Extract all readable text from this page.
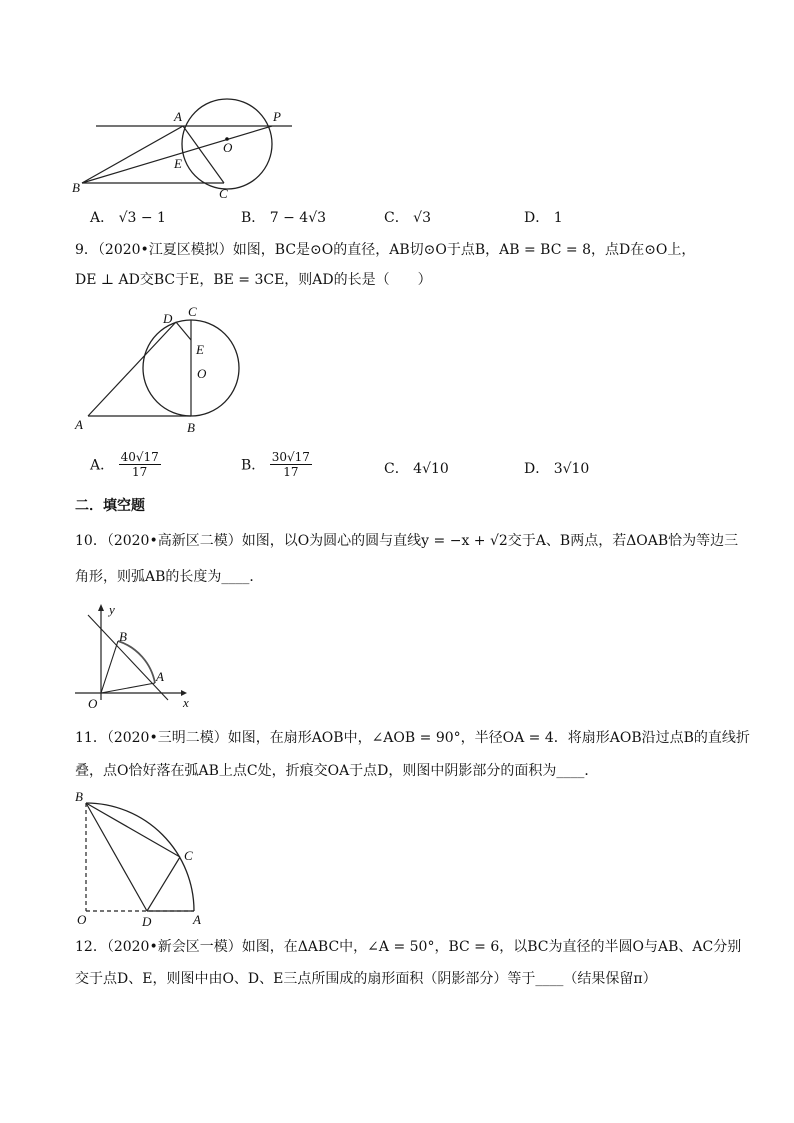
A	P
O
E
B	C
A． √3 − 1	B． 7 − 4√3	C． √3	D． 1
9．（2020•江夏区模拟）如图，BC是⊙O的直径，AB切⊙O于点B，AB = BC = 8，点D在⊙O上，
DE ⊥ AD交BC于E，BE = 3CE，则AD的长是（　　）
D C
E
O
A	B
A． $\frac{40√17}{17}$	B． $\frac{30√17}{17}$	C． 4√10	D． 3√10
二．填空题
10．（2020•高新区二模）如图，以O为圆心的圆与直线y = −x + √2交于A、B两点，若ΔOAB恰为等边三
角形，则弧AB的长度为____．
y
x
O
B
A
11．（2020•三明二模）如图，在扇形AOB中，∠AOB = 90°，半径OA = 4．将扇形AOB沿过点B的直线折
叠，点O恰好落在弧AB上点C处，折痕交OA于点D，则图中阴影部分的面积为____．
B
C
O	D	A
12．（2020•新会区一模）如图，在ΔABC中，∠A = 50°，BC = 6，以BC为直径的半圆O与AB、AC分别
交于点D、E，则图中由O、D、E三点所围成的扇形面积（阴影部分）等于____（结果保留π）
